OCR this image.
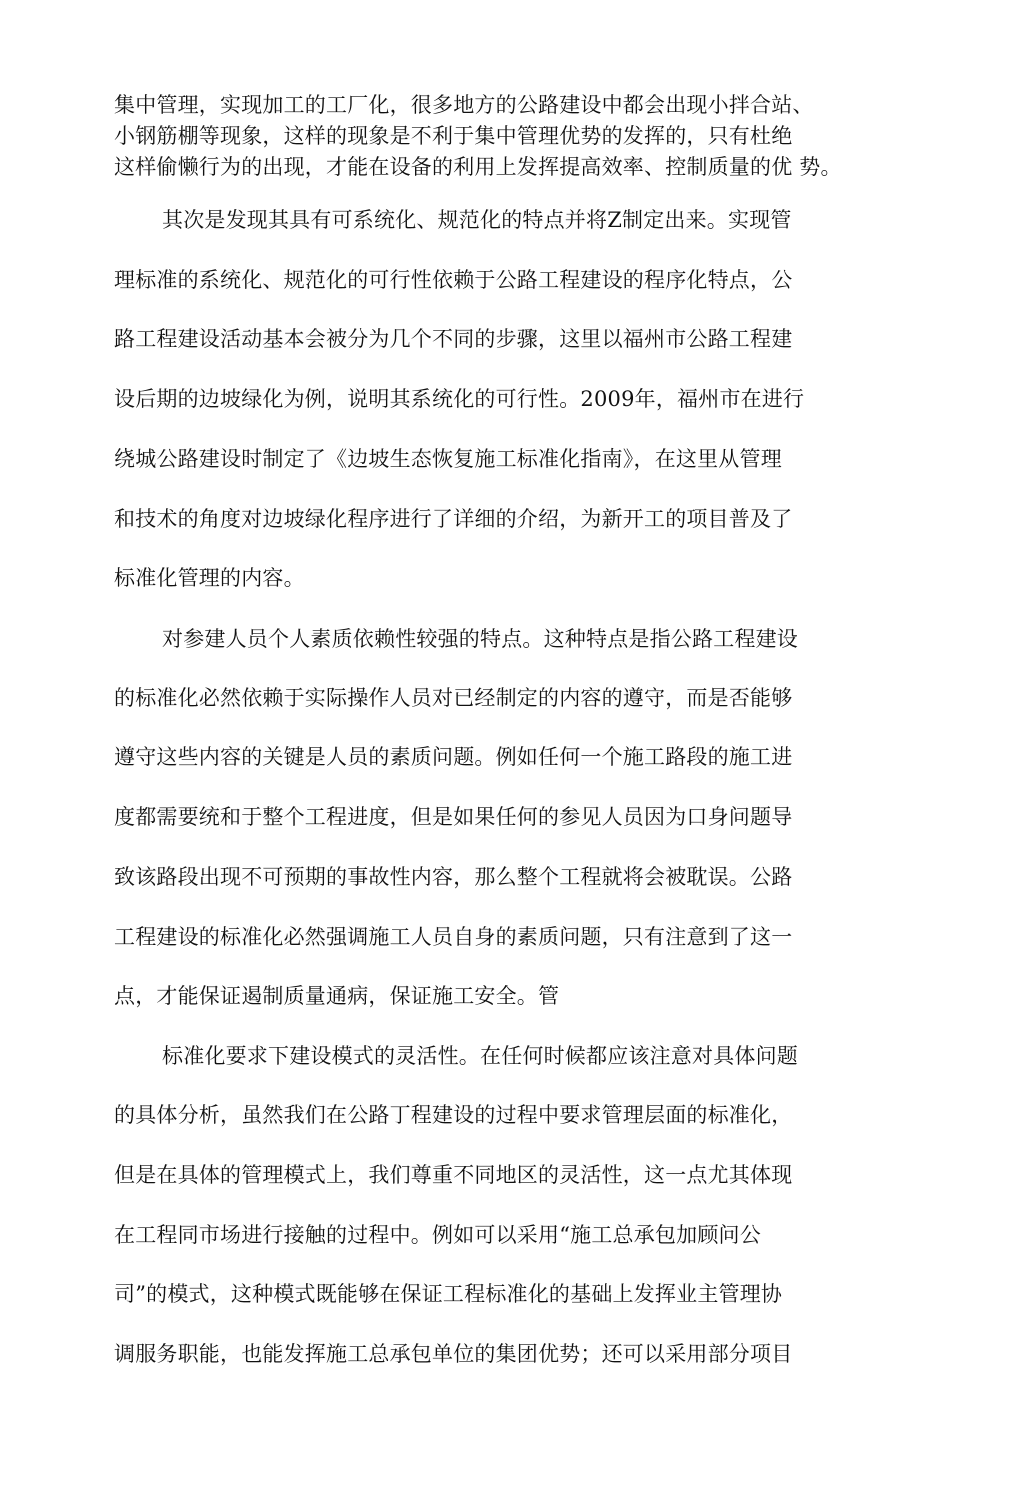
集中管理，实现加工的工厂化，很多地方的公路建设中都会出现小拌合站、
小钢筋棚等现象，这样的现象是不利于集中管理优势的发挥的，只有杜绝
这样偷懒行为的出现，才能在设备的利用上发挥提高效率、控制质量的优 势。
其次是发现其具有可系统化、规范化的特点并将Z制定出来。实现管
理标准的系统化、规范化的可行性依赖于公路工程建设的程序化特点，公
路工程建设活动基本会被分为几个不同的步骤，这里以福州市公路工程建
设后期的边坡绿化为例，说明其系统化的可行性。2009年，福州市在进行
绕城公路建设时制定了《边坡生态恢复施工标准化指南》，在这里从管理
和技术的角度对边坡绿化程序进行了详细的介绍，为新开工的项目普及了
标准化管理的内容。
对参建人员个人素质依赖性较强的特点。这种特点是指公路工程建设
的标准化必然依赖于实际操作人员对已经制定的内容的遵守，而是否能够
遵守这些内容的关键是人员的素质问题。例如任何一个施工路段的施工进
度都需要统和于整个工程进度，但是如果任何的参见人员因为口身问题导
致该路段出现不可预期的事故性内容，那么整个工程就将会被耽误。公路
工程建设的标准化必然强调施工人员自身的素质问题，只有注意到了这一
点，才能保证遏制质量通病，保证施工安全。管
标准化要求下建设模式的灵活性。在任何时候都应该注意对具体问题
的具体分析，虽然我们在公路丁程建设的过程中要求管理层面的标准化，
但是在具体的管理模式上，我们尊重不同地区的灵活性，这一点尤其体现
在工程同市场进行接触的过程中。例如可以采用“施工总承包加顾问公
司”的模式，这种模式既能够在保证工程标准化的基础上发挥业主管理协
调服务职能，也能发挥施工总承包单位的集团优势；还可以采用部分项目
